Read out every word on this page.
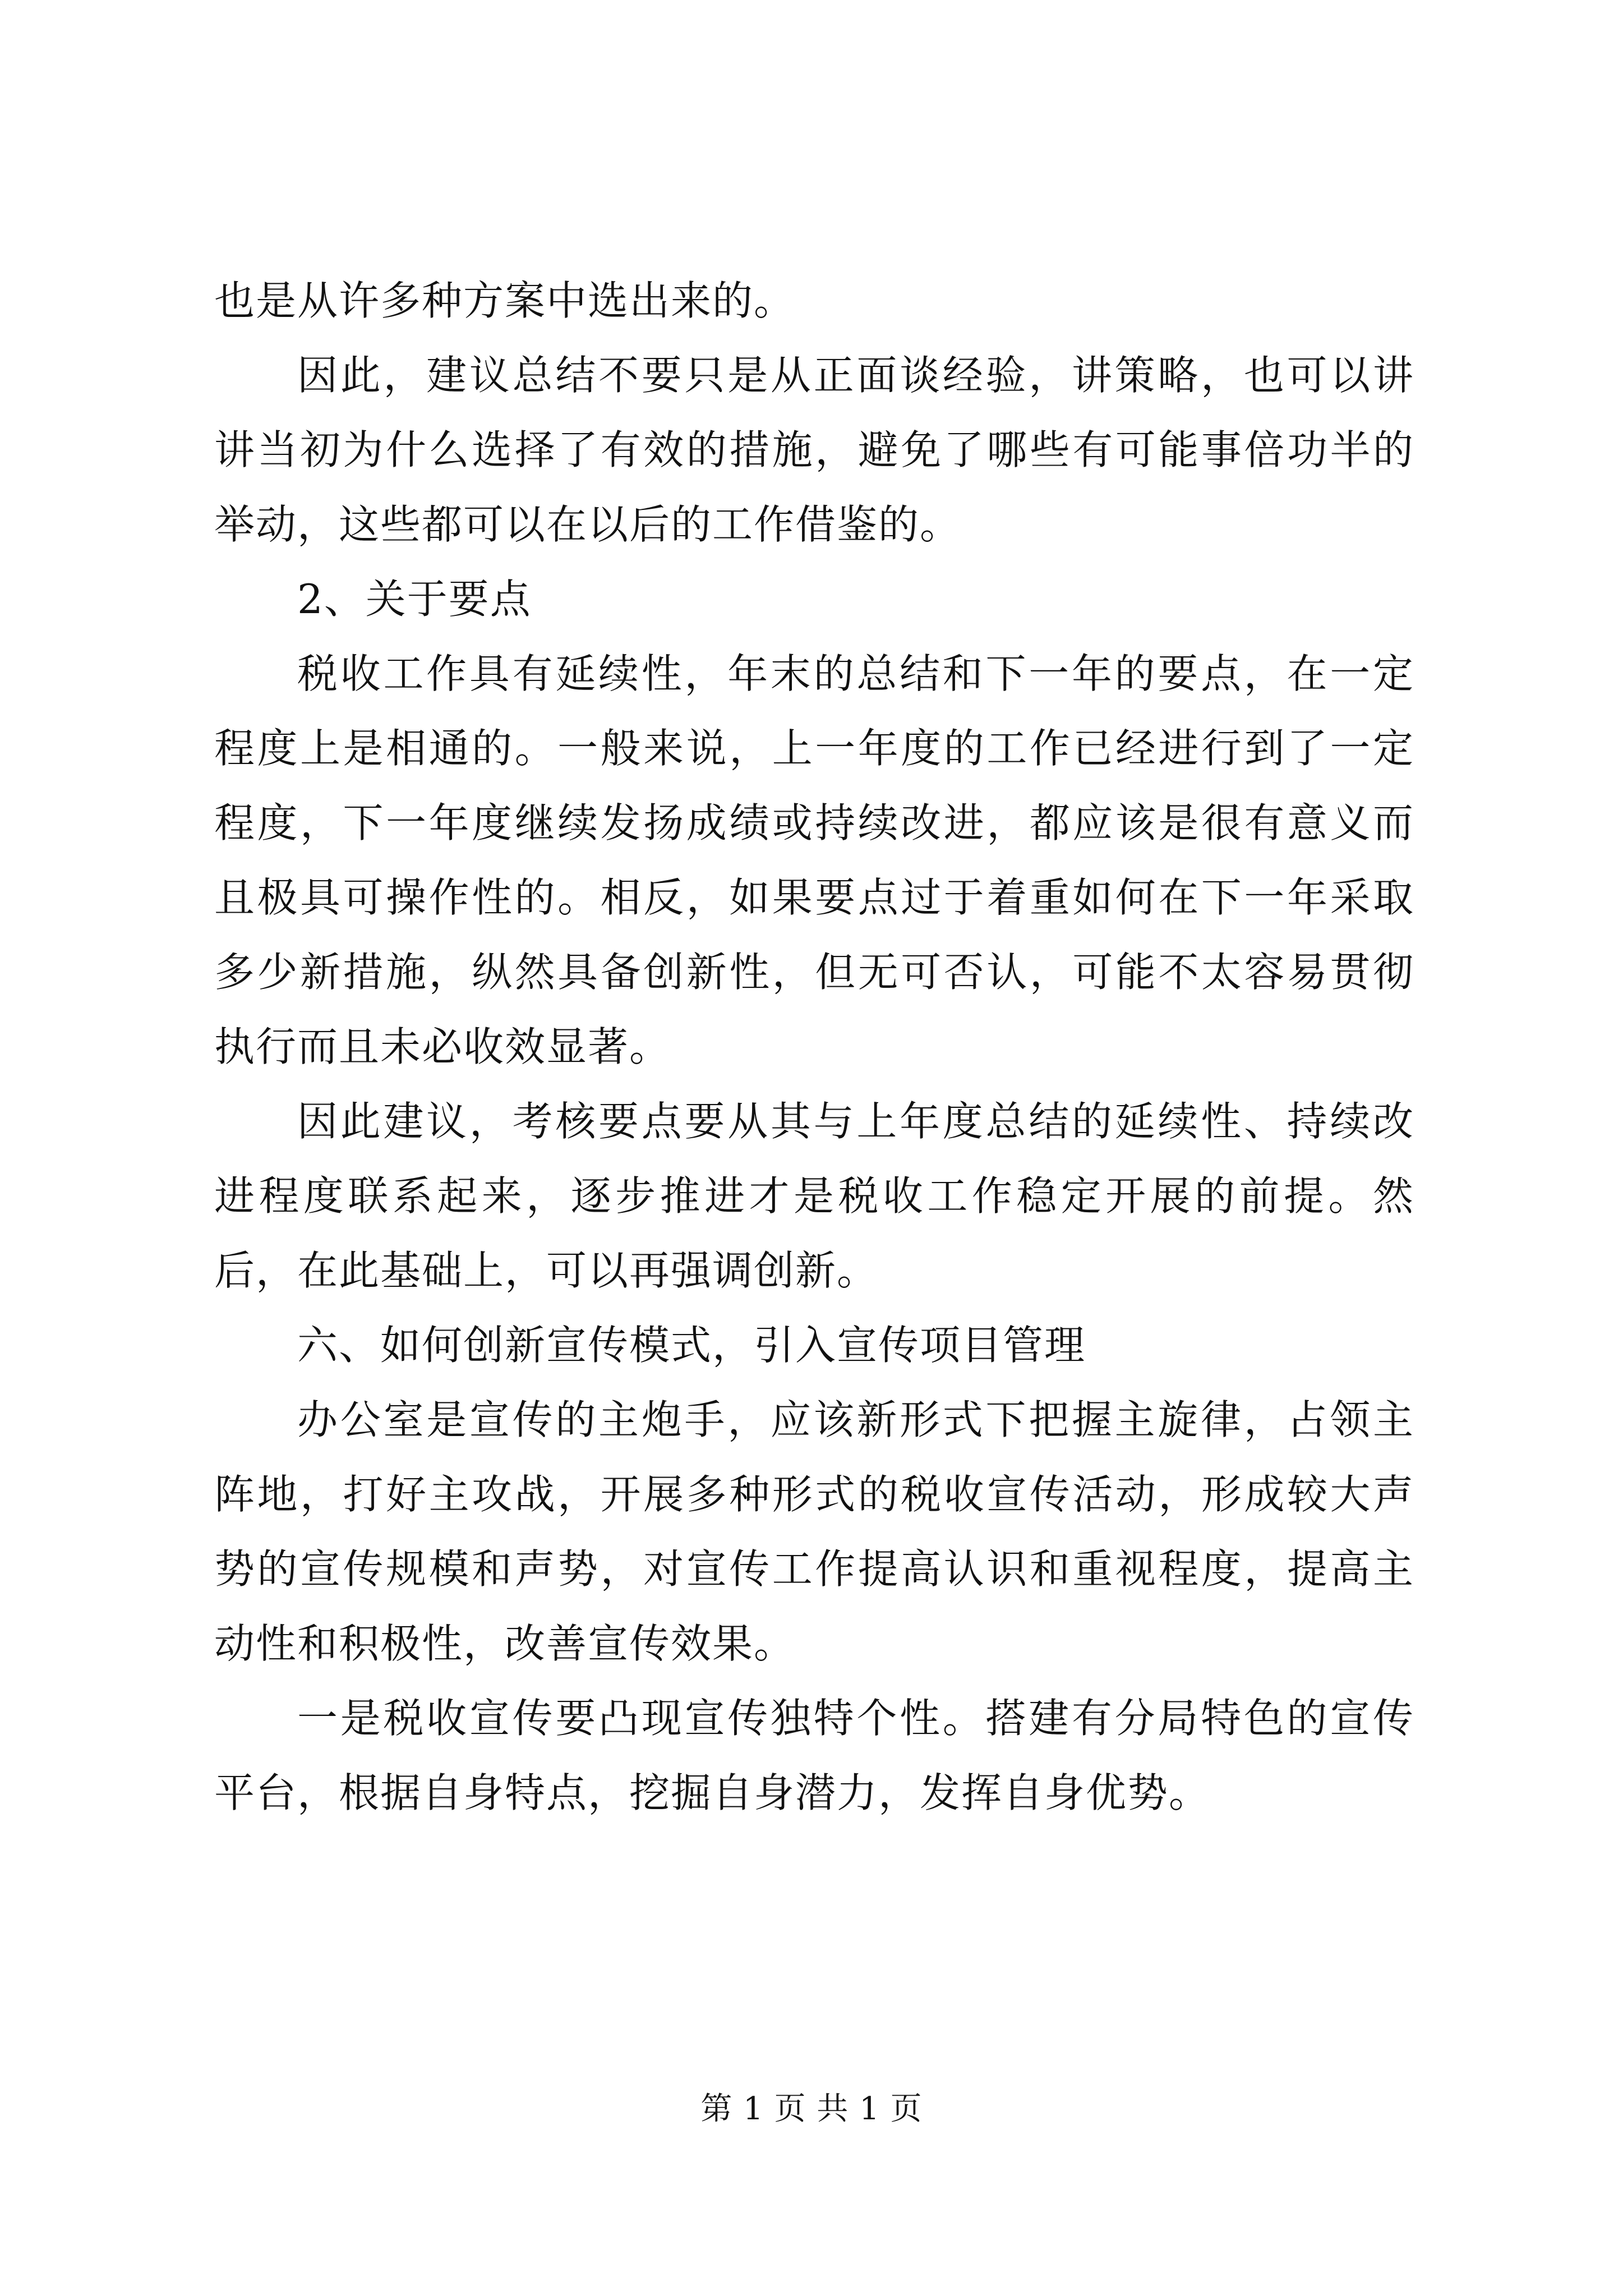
也是从许多种方案中选出来的。

因此，建议总结不要只是从正面谈经验，讲策略，也可以讲讲当初为什么选择了有效的措施，避免了哪些有可能事倍功半的举动，这些都可以在以后的工作借鉴的。

2、关于要点

税收工作具有延续性，年末的总结和下一年的要点，在一定程度上是相通的。一般来说，上一年度的工作已经进行到了一定程度，下一年度继续发扬成绩或持续改进，都应该是很有意义而且极具可操作性的。相反，如果要点过于着重如何在下一年采取多少新措施，纵然具备创新性，但无可否认，可能不太容易贯彻执行而且未必收效显著。

因此建议，考核要点要从其与上年度总结的延续性、持续改进程度联系起来，逐步推进才是税收工作稳定开展的前提。然后，在此基础上，可以再强调创新。

六、如何创新宣传模式，引入宣传项目管理

办公室是宣传的主炮手，应该新形式下把握主旋律，占领主阵地，打好主攻战，开展多种形式的税收宣传活动，形成较大声势的宣传规模和声势，对宣传工作提高认识和重视程度，提高主动性和积极性，改善宣传效果。

一是税收宣传要凸现宣传独特个性。搭建有分局特色的宣传平台，根据自身特点，挖掘自身潜力，发挥自身优势。

第 1 页 共 1 页
